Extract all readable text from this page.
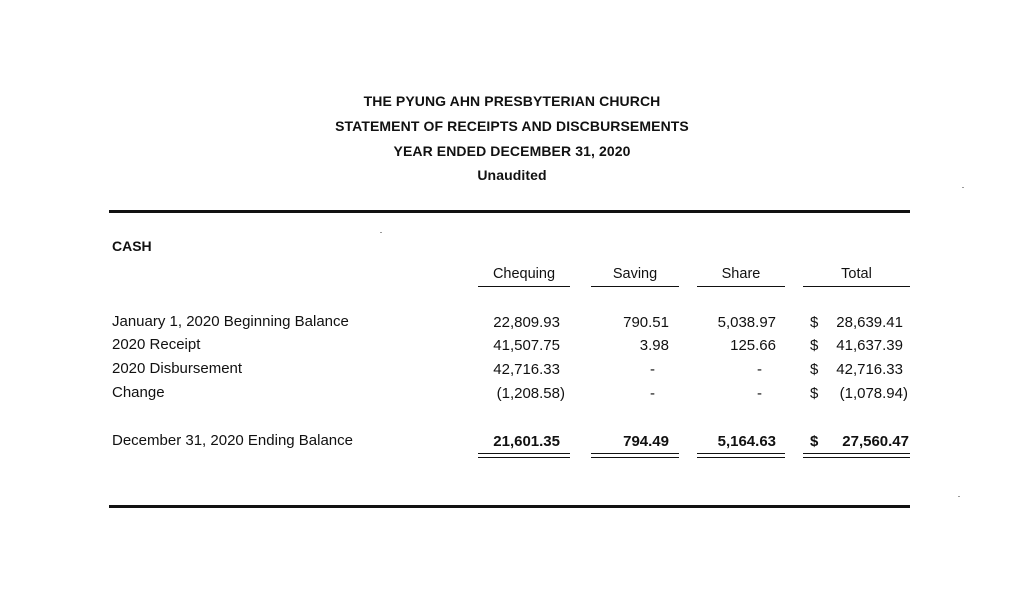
THE PYUNG AHN PRESBYTERIAN CHURCH
STATEMENT OF RECEIPTS AND DISCBURSEMENTS
YEAR ENDED DECEMBER 31, 2020
Unaudited
CASH
Chequing	Saving	Share	Total
January 1, 2020 Beginning Balance	22,809.93	790.51	5,038.97 $ 28,639.41
2020 Receipt	41,507.75	3.98	125.66 $ 41,637.39
2020 Disbursement	42,716.33	-	-	$ 42,716.33
Change	(1,208.58)	-	-	$ (1,078.94)
December 31, 2020 Ending Balance	21,601.35	794.49	5,164.63 $ 27,560.47
